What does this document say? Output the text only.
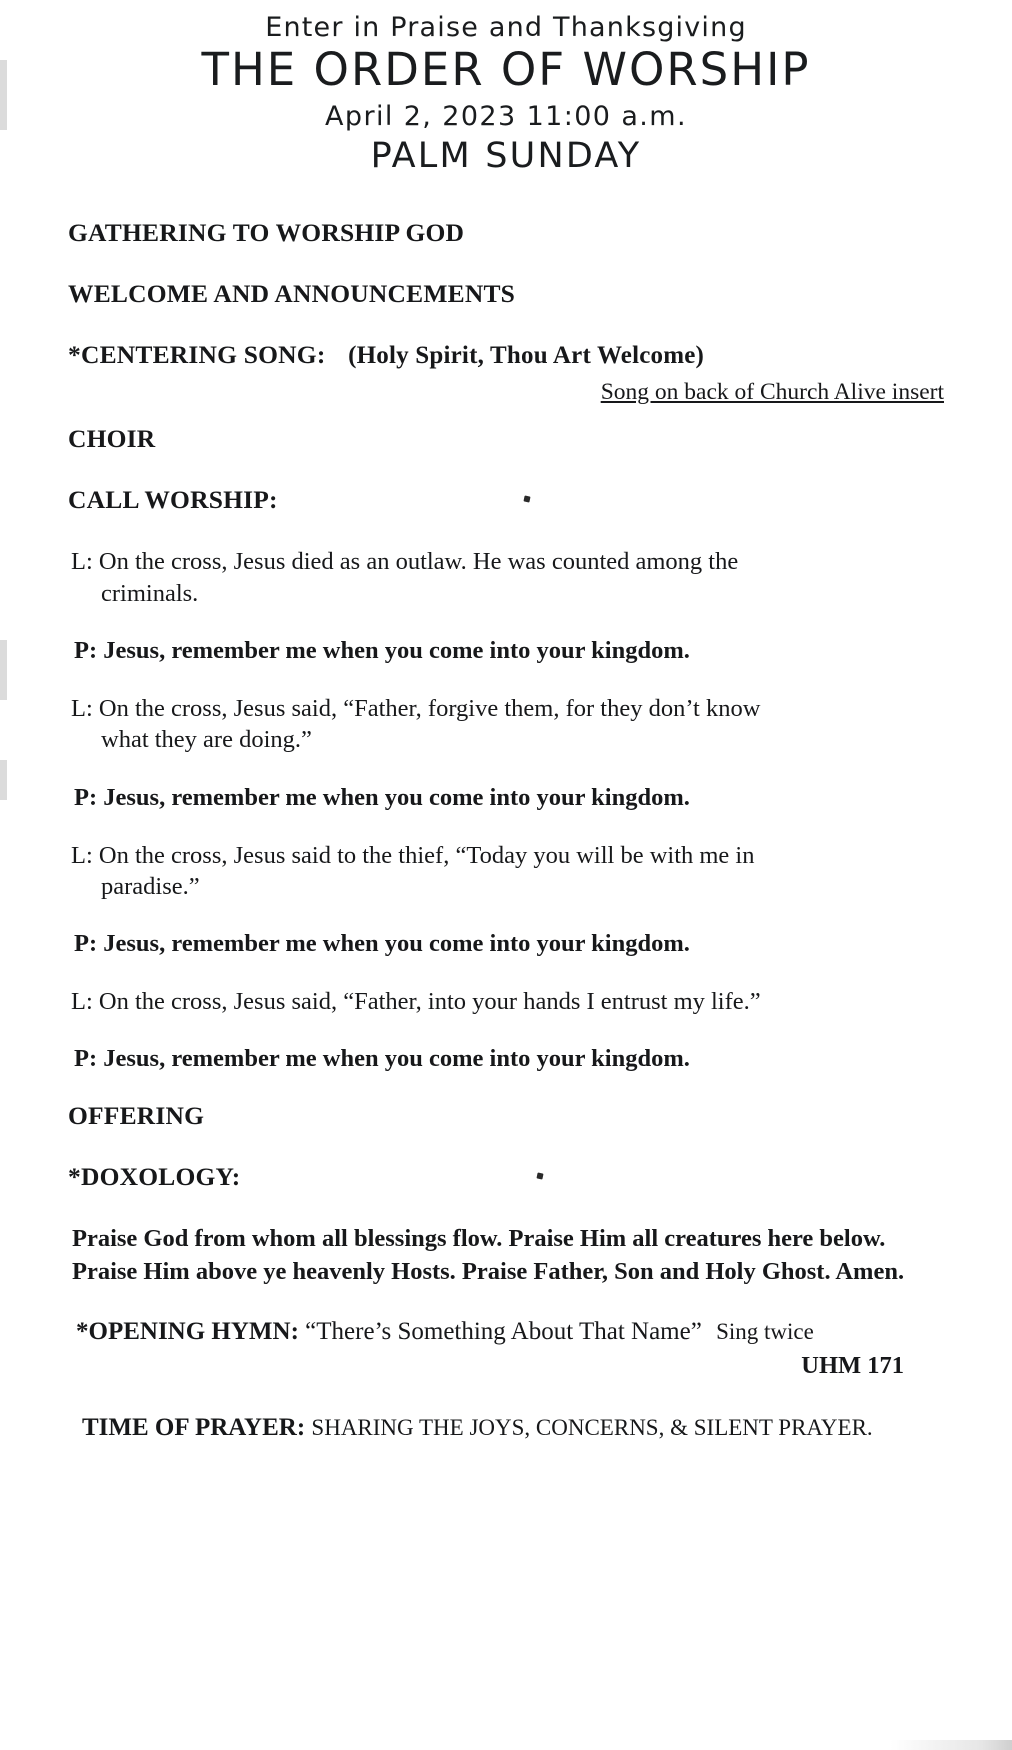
Enter in Praise and Thanksgiving
THE ORDER OF WORSHIP
April 2, 2023 11:00 a.m.
PALM SUNDAY
GATHERING TO WORSHIP GOD
WELCOME AND ANNOUNCEMENTS
*CENTERING SONG: (Holy Spirit, Thou Art Welcome)
Song on back of Church Alive insert
CHOIR
CALL WORSHIP:
L: On the cross, Jesus died as an outlaw. He was counted among the
criminals.
P: Jesus, remember me when you come into your kingdom.
L: On the cross, Jesus said, “Father, forgive them, for they don’t know
what they are doing.”
P: Jesus, remember me when you come into your kingdom.
L: On the cross, Jesus said to the thief, “Today you will be with me in
paradise.”
P: Jesus, remember me when you come into your kingdom.
L: On the cross, Jesus said, “Father, into your hands I entrust my life.”
P: Jesus, remember me when you come into your kingdom.
OFFERING
*DOXOLOGY:
Praise God from whom all blessings flow. Praise Him all creatures here below. Praise Him above ye heavenly Hosts. Praise Father, Son and Holy Ghost. Amen.
*OPENING HYMN: “There’s Something About That Name” Sing twice
UHM 171
TIME OF PRAYER: SHARING THE JOYS, CONCERNS, & SILENT PRAYER.
